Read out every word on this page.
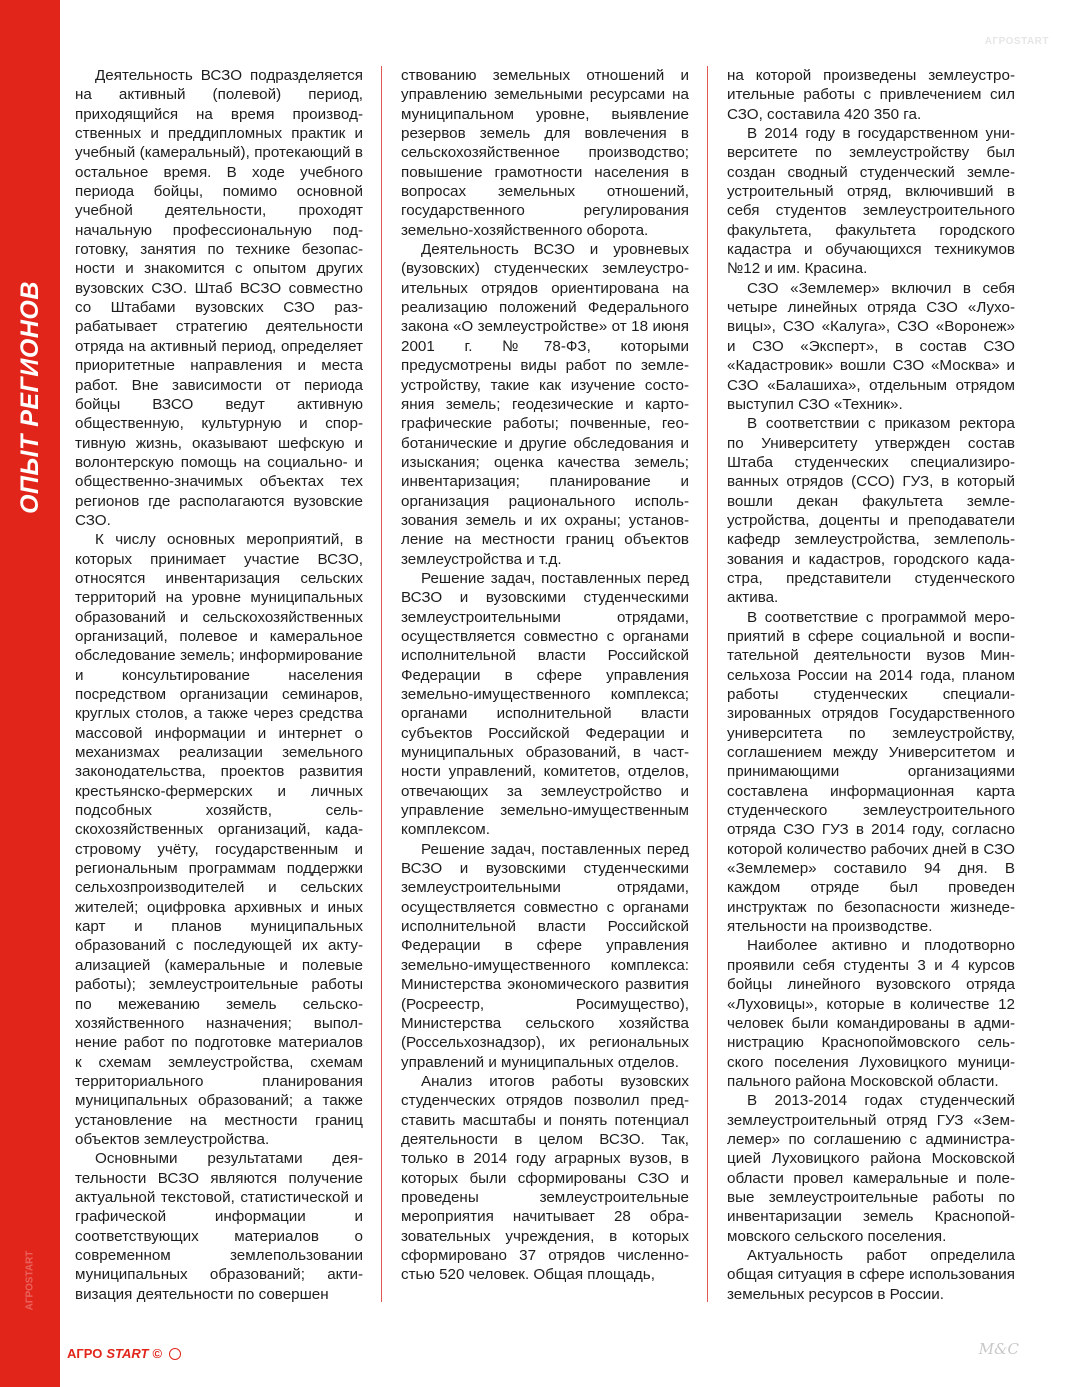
ОПЫТ РЕГИОНОВ
АГРОSTART
АГРОSTART

Деятельность ВСЗО подразделяется на активный (полевой) период, приходящийся на время производственных и преддипломных практик и учебный (камеральный), протекающий в остальное время. В ходе учебного периода бойцы, помимо основной учебной деятельности, проходят начальную профессиональную подготовку, занятия по технике безопасности и знакомится с опытом других вузовских СЗО. Штаб ВСЗО совместно со Штабами вузовских СЗО разрабатывает стратегию деятельности отряда на активный период, определяет приоритетные направления и места работ. Вне зависимости от периода бойцы ВЗСО ведут активную общественную, культурную и спортивную жизнь, оказывают шефскую и волонтерскую помощь на социально- и общественно-значимых объектах тех регионов где располагаются вузовские СЗО.

К числу основных мероприятий, в которых принимает участие ВСЗО, относятся инвентаризация сельских территорий на уровне муниципальных образований и сельскохозяйственных организаций, полевое и камеральное обследование земель; информирование и консультирование населения посредством организации семинаров, круглых столов, а также через средства массовой информации и интернет о механизмах реализации земельного законодательства, проектов развития крестьянско-фермерских и личных подсобных хозяйств, сельскохозяйственных организаций, кадастровому учёту, государственным и региональным программам поддержки сельхозпроизводителей и сельских жителей; оцифровка архивных и иных карт и планов муниципальных образований с последующей их актуализацией (камеральные и полевые работы); землеустроительные работы по межеванию земель сельскохозяйственного назначения; выполнение работ по подготовке материалов к схемам землеустройства, схемам территориального планирования муниципальных образований; а также установление на местности границ объектов землеустройства.

Основными результатами деятельности ВСЗО являются получение актуальной текстовой, статистической и графической информации и соответствующих материалов о современном землепользовании муниципальных образований; активизация деятельности по совершен

ствованию земельных отношений и управлению земельными ресурсами на муниципальном уровне, выявление резервов земель для вовлечения в сельскохозяйственное производство; повышение грамотности населения в вопросах земельных отношений, государственного регулирования земельно-хозяйственного оборота.

Деятельность ВСЗО и уровневых (вузовских) студенческих землеустроительных отрядов ориентирована на реализацию положений Федерального закона «О землеустройстве» от 18 июня 2001 г. №78-ФЗ, которыми предусмотрены виды работ по землеустройству, такие как изучение состояния земель; геодезические и картографические работы; почвенные, геоботанические и другие обследования и изыскания; оценка качества земель; инвентаризация; планирование и организация рационального использования земель и их охраны; установление на местности границ объектов землеустройства и т.д.

Решение задач, поставленных перед ВСЗО и вузовскими студенческими землеустроительными отрядами, осуществляется совместно с органами исполнительной власти Российской Федерации в сфере управления земельно-имущественного комплекса; органами исполнительной власти субъектов Российской Федерации и муниципальных образований, в частности управлений, комитетов, отделов, отвечающих за землеустройство и управление земельно-имущественным комплексом.

Решение задач, поставленных перед ВСЗО и вузовскими студенческими землеустроительными отрядами, осуществляется совместно с органами исполнительной власти Российской Федерации в сфере управления земельно-имущественного комплекса: Министерства экономического развития (Росреестр, Росимущество), Министерства сельского хозяйства (Россельхознадзор), их региональных управлений и муниципальных отделов.

Анализ итогов работы вузовских студенческих отрядов позволил представить масштабы и понять потенциал деятельности в целом ВСЗО. Так, только в 2014 году аграрных вузов, в которых были сформированы СЗО и проведены землеустроительные мероприятия начитывает 28 образовательных учреждения, в которых сформировано 37 отрядов численностью 520 человек. Общая площадь,

на которой произведены землеустроительные работы с привлечением сил СЗО, составила 420 350 га.

В 2014 году в государственном университете по землеустройству был создан сводный студенческий землеустроительный отряд, включивший в себя студентов землеустроительного факультета, факультета городского кадастра и обучающихся техникумов №12 и им. Красина.

СЗО «Землемер» включил в себя четыре линейных отряда СЗО «Луховицы», СЗО «Калуга», СЗО «Воронеж» и СЗО «Эксперт», в состав СЗО «Кадастровик» вошли СЗО «Москва» и СЗО «Балашиха», отдельным отрядом выступил СЗО «Техник».

В соответствии с приказом ректора по Университету утвержден состав Штаба студенческих специализированных отрядов (ССО) ГУЗ, в который вошли декан факультета землеустройства, доценты и преподаватели кафедр землеустройства, землепользования и кадастров, городского кадастра, представители студенческого актива.

В соответствие с программой мероприятий в сфере социальной и воспитательной деятельности вузов Минсельхоза России на 2014 года, планом работы студенческих специализированных отрядов Государственного университета по землеустройству, соглашением между Университетом и принимающими организациями составлена информационная карта студенческого землеустроительного отряда СЗО ГУЗ в 2014 году, согласно которой количество рабочих дней в СЗО «Землемер» составило 94 дня. В каждом отряде был проведен инструктаж по безопасности жизнедеятельности на производстве.

Наиболее активно и плодотворно проявили себя студенты 3 и 4 курсов бойцы линейного вузовского отряда «Луховицы», которые в количестве 12 человек были командированы в администрацию Краснопоймовского сельского поселения Луховицкого муниципального района Московской области.

В 2013-2014 годах студенческий землеустроительный отряд ГУЗ «Землемер» по соглашению с администрацией Луховицкого района Московской области провел камеральные и полевые землеустроительные работы по инвентаризации земель Краснопоймовского сельского поселения.

Актуальность работ определила общая ситуация в сфере использования земельных ресурсов в России.

АГРО START ©	M&C
